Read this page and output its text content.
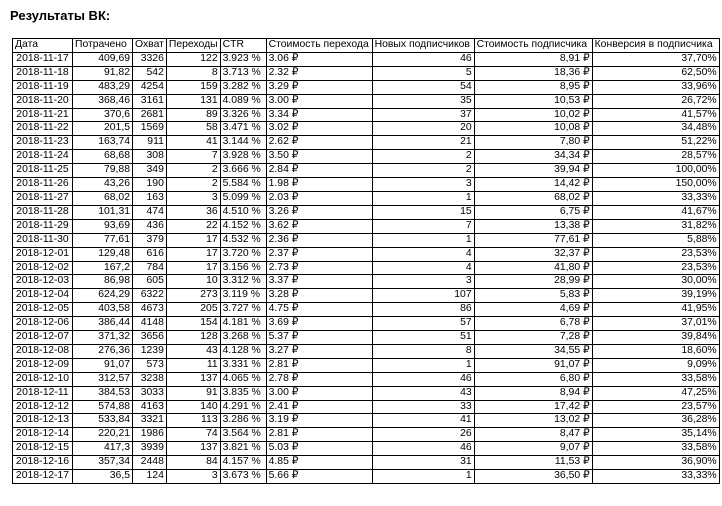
Результаты ВК:
Дата	Потрачено	Охват	Переходы	CTR	Стоимость перехода	Новых подписчиков	Стоимость подписчика	Конверсия в подписчика
2018-11-17	409,69	3326	122	3.923 %	3.06 ₽	46	8,91 ₽	37,70%
2018-11-18	91,82	542	8	3.713 %	2.32 ₽	5	18,36 ₽	62,50%
2018-11-19	483,29	4254	159	3.282 %	3.29 ₽	54	8,95 ₽	33,96%
2018-11-20	368,46	3161	131	4.089 %	3.00 ₽	35	10,53 ₽	26,72%
2018-11-21	370,6	2681	89	3.326 %	3.34 ₽	37	10,02 ₽	41,57%
2018-11-22	201,5	1569	58	3.471 %	3.02 ₽	20	10,08 ₽	34,48%
2018-11-23	163,74	911	41	3.144 %	2.62 ₽	21	7,80 ₽	51,22%
2018-11-24	68,68	308	7	3.928 %	3.50 ₽	2	34,34 ₽	28,57%
2018-11-25	79,88	349	2	3.666 %	2.84 ₽	2	39,94 ₽	100,00%
2018-11-26	43,26	190	2	5.584 %	1.98 ₽	3	14,42 ₽	150,00%
2018-11-27	68,02	163	3	5.099 %	2.03 ₽	1	68,02 ₽	33,33%
2018-11-28	101,31	474	36	4.510 %	3.26 ₽	15	6,75 ₽	41,67%
2018-11-29	93,69	436	22	4.152 %	3.62 ₽	7	13,38 ₽	31,82%
2018-11-30	77,61	379	17	4.532 %	2.36 ₽	1	77,61 ₽	5,88%
2018-12-01	129,48	616	17	3.720 %	2.37 ₽	4	32,37 ₽	23,53%
2018-12-02	167,2	784	17	3.156 %	2.73 ₽	4	41,80 ₽	23,53%
2018-12-03	86,98	605	10	3.312 %	3.37 ₽	3	28,99 ₽	30,00%
2018-12-04	624,29	6322	273	3.119 %	3.28 ₽	107	5,83 ₽	39,19%
2018-12-05	403,58	4673	205	3.727 %	4.75 ₽	86	4,69 ₽	41,95%
2018-12-06	386,44	4148	154	4.181 %	3.69 ₽	57	6,78 ₽	37,01%
2018-12-07	371,32	3656	128	3.268 %	5.37 ₽	51	7,28 ₽	39,84%
2018-12-08	276,36	1239	43	4.128 %	3.27 ₽	8	34,55 ₽	18,60%
2018-12-09	91,07	573	11	3.331 %	2.81 ₽	1	91,07 ₽	9,09%
2018-12-10	312,57	3238	137	4.065 %	2.78 ₽	46	6,80 ₽	33,58%
2018-12-11	384,53	3033	91	3.835 %	3.00 ₽	43	8,94 ₽	47,25%
2018-12-12	574,88	4163	140	4.291 %	2.41 ₽	33	17,42 ₽	23,57%
2018-12-13	533,84	3321	113	3.286 %	3.19 ₽	41	13,02 ₽	36,28%
2018-12-14	220,21	1986	74	3.564 %	2.81 ₽	26	8,47 ₽	35,14%
2018-12-15	417,3	3939	137	3.821 %	5.03 ₽	46	9,07 ₽	33,58%
2018-12-16	357,34	2448	84	4.157 %	4.85 ₽	31	11,53 ₽	36,90%
2018-12-17	36,5	124	3	3.673 %	5.66 ₽	1	36,50 ₽	33,33%
